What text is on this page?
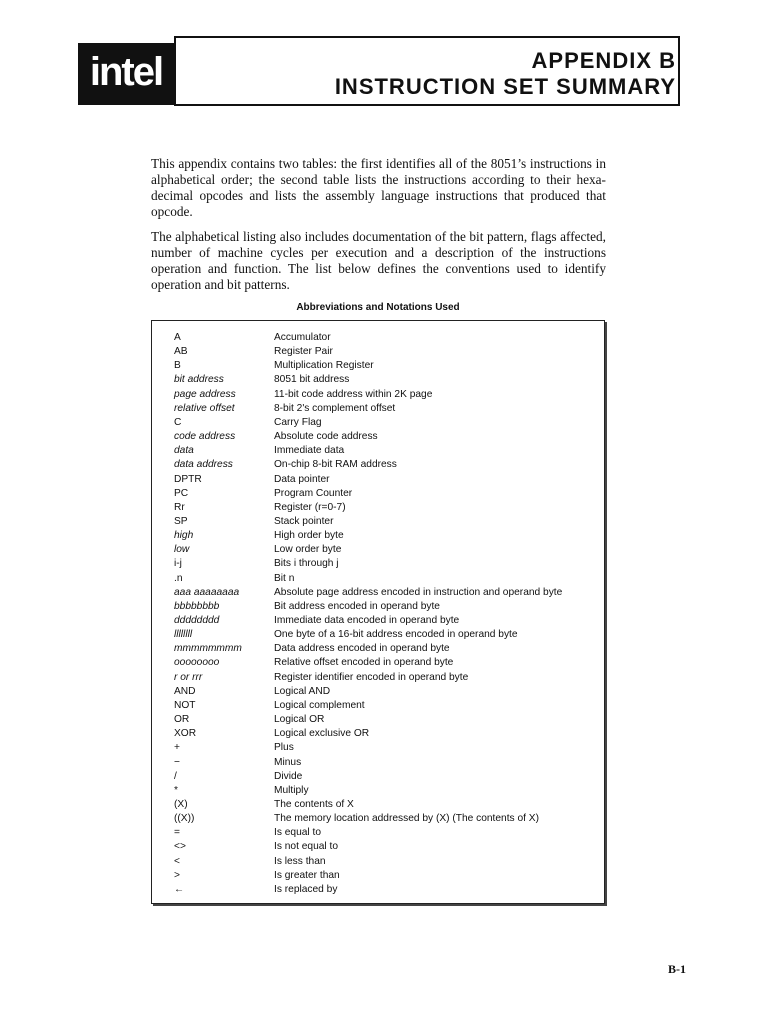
intel	APPENDIX B
INSTRUCTION SET SUMMARY

This appendix contains two tables: the first identifies all of the 8051’s instructions in alphabetical order; the second table lists the instructions according to their hexa-decimal opcodes and lists the assembly language instructions that produced that opcode.

The alphabetical listing also includes documentation of the bit pattern, flags affected, number of machine cycles per execution and a description of the instructions operation and function. The list below defines the conventions used to identify operation and bit patterns.

Abbreviations and Notations Used
A	Accumulator
AB	Register Pair
B	Multiplication Register
bit address	8051 bit address
page address	11-bit code address within 2K page
relative offset	8-bit 2's complement offset
C	Carry Flag
code address	Absolute code address
data	Immediate data
data address	On-chip 8-bit RAM address
DPTR	Data pointer
PC	Program Counter
Rr	Register (r=0-7)
SP	Stack pointer
high	High order byte
low	Low order byte
i-j	Bits i through j
.n	Bit n
aaa aaaaaaaa	Absolute page address encoded in instruction and operand byte
bbbbbbbb	Bit address encoded in operand byte
dddddddd	Immediate data encoded in operand byte
llllllll	One byte of a 16-bit address encoded in operand byte
mmmmmmmm	Data address encoded in operand byte
oooooooo	Relative offset encoded in operand byte
r or rrr	Register identifier encoded in operand byte
AND	Logical AND
NOT	Logical complement
OR	Logical OR
XOR	Logical exclusive OR
+	Plus
−	Minus
/	Divide
*	Multiply
(X)	The contents of X
((X))	The memory location addressed by (X) (The contents of X)
=	Is equal to
<>	Is not equal to
<	Is less than
>	Is greater than
←	Is replaced by
B-1
